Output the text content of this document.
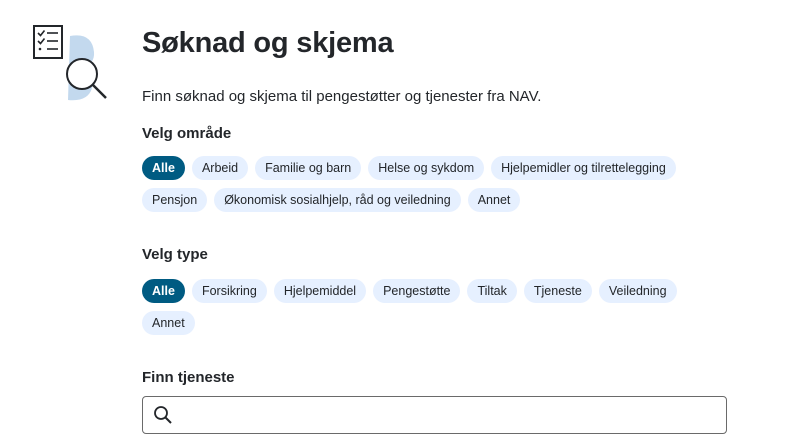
Søknad og skjema

Finn søknad og skjema til pengestøtter og tjenester fra NAV.

Velg område

Alle	Arbeid	Familie og barn	Helse og sykdom	Hjelpemidler og tilrettelegging
Pensjon	Økonomisk sosialhjelp, råd og veiledning	Annet

Velg type

Alle	Forsikring	Hjelpemiddel	Pengestøtte	Tiltak	Tjeneste	Veiledning
Annet

Finn tjeneste
